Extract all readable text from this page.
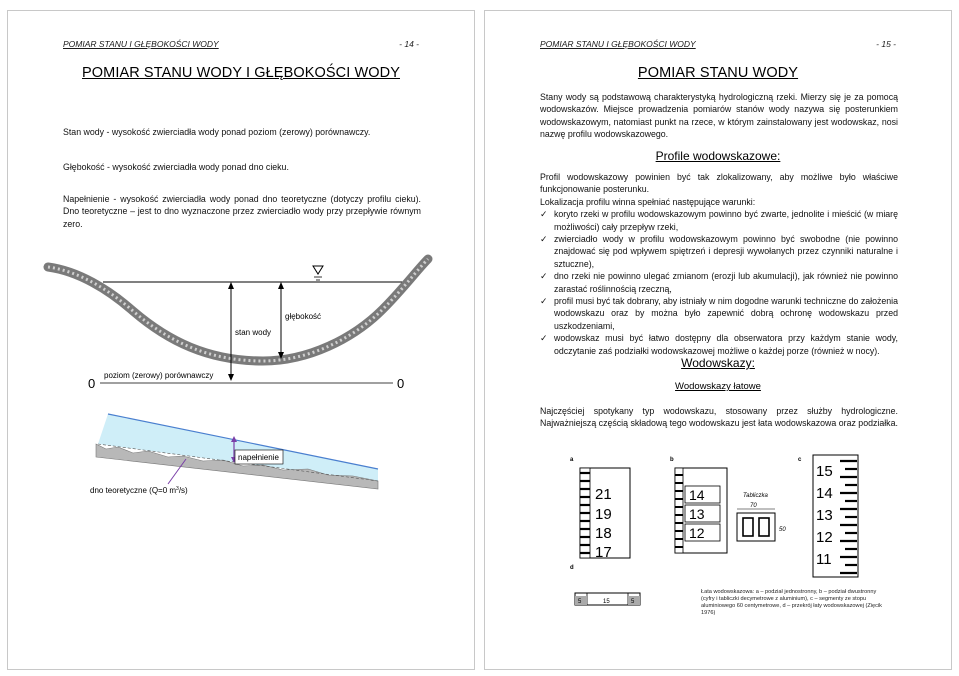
POMIAR STANU I GŁĘBOKOŚCI WODY	- 14 -
POMIAR STANU WODY I GŁĘBOKOŚCI WODY
Stan wody - wysokość zwierciadła wody ponad poziom (zerowy) porównawczy.
Głębokość - wysokość zwierciadła wody ponad dno cieku.
Napełnienie - wysokość zwierciadła wody ponad dno teoretyczne (dotyczy profilu cieku). Dno teoretyczne – jest to dno wyznaczone przez zwierciadło wody przy przepływie równym zero.
stan wody
głębokość
0	0
poziom (zerowy) porównawczy
napełnienie
dno teoretyczne (Q=0 $m^3/s$)
POMIAR STANU I GŁĘBOKOŚCI WODY	- 15 -
POMIAR STANU WODY
Stany wody są podstawową charakterystyką hydrologiczną rzeki. Mierzy się je za pomocą wodowskazów. Miejsce prowadzenia pomiarów stanów wody nazywa się posterunkiem wodowskazowym, natomiast punkt na rzece, w którym zainstalowany jest wodowskaz, nosi nazwę profilu wodowskazowego.
Profile wodowskazowe:

Profil wodowskazowy powinien być tak zlokalizowany, aby możliwe było właściwe funkcjonowanie posterunku.

Lokalizacja profilu winna spełniać następujące warunki:

✓ koryto rzeki w profilu wodowskazowym powinno być zwarte, jednolite i mieścić (w miarę możliwości) cały przepływ rzeki,
✓ zwierciadło wody w profilu wodowskazowym powinno być swobodne (nie powinno znajdować się pod wpływem spiętrzeń i depresji wywołanych przez czynniki naturalne i sztuczne),
✓ dno rzeki nie powinno ulegać zmianom (erozji lub akumulacji), jak również nie powinno zarastać roślinnością rzeczną,
✓ profil musi być tak dobrany, aby istniały w nim dogodne warunki techniczne do założenia wodowskazu oraz by można było zapewnić dobrą ochronę wodowskazu przed uszkodzeniami,
✓ wodowskaz musi być łatwo dostępny dla obserwatora przy każdym stanie wody, odczytanie zaś podziałki wodowskazowej możliwe o każdej porze (również w nocy).
Wodowskazy:
Wodowskazy łatowe
Najczęściej spotykany typ wodowskazu, stosowany przez służby hydrologiczne. Najważniejszą częścią składową tego wodowskazu jest łata wodowskazowa oraz podziałka.
a	b	c
d
21
19
18
17
14
13
12
Tabliczka
70
50
15
14
13
12
11
5	15	5
Łata wodowskazowa: a – podział jednostronny, b – podział dwustronny (cyfry i tabliczki decymetrowe z aluminium), c – segmenty ze stopu aluminiowego 60 centymetrowe, d – przekrój łaty wodowskazowej (Zięcik 1976)
